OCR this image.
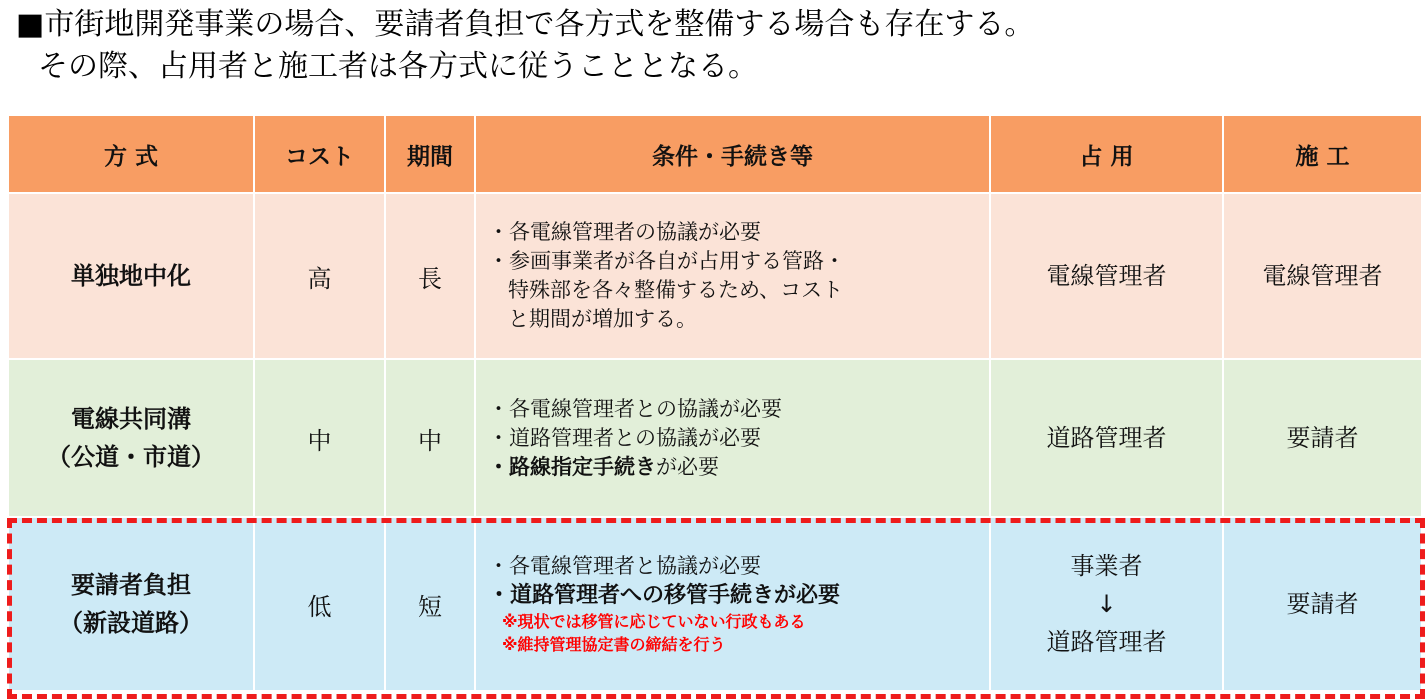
■市街地開発事業の場合、要請者負担で各方式を整備する場合も存在する。
その際、占用者と施工者は各方式に従うこととなる。
方 式	コスト	期間	条件・手続き等	占 用	施 工
単独地中化	高	長	・各電線管理者の協議が必要
・参画事業者が各自が占用する管路・
特殊部を各々整備するため、コスト
と期間が増加する。	電線管理者	電線管理者

電線共同溝
（公道・市道）	中	中	・各電線管理者との協議が必要
・道路管理者との協議が必要
・路線指定手続きが必要	道路管理者	要請者

要請者負担
（新設道路）	低	短	・各電線管理者と協議が必要
・道路管理者への移管手続きが必要
※現状では移管に応じていない行政もある
※維持管理協定書の締結を行う	事業者
↓
道路管理者	要請者
